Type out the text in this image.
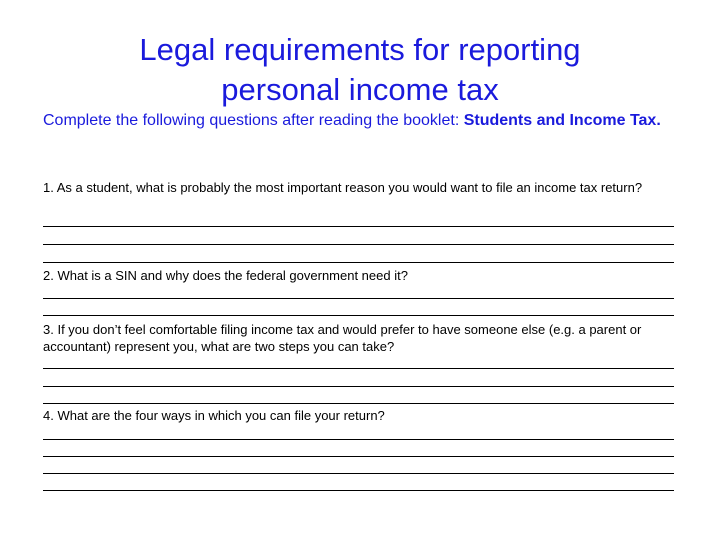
Legal requirements for reporting
personal income tax
Complete the following questions after reading the booklet: Students and Income Tax.
1. As a student, what is probably the most important reason you would want to file an income tax return?
2. What is a SIN and why does the federal government need it?
3. If you don’t feel comfortable filing income tax and would prefer to have someone else (e.g. a parent or accountant) represent you, what are two steps you can take?
4. What are the four ways in which you can file your return?
